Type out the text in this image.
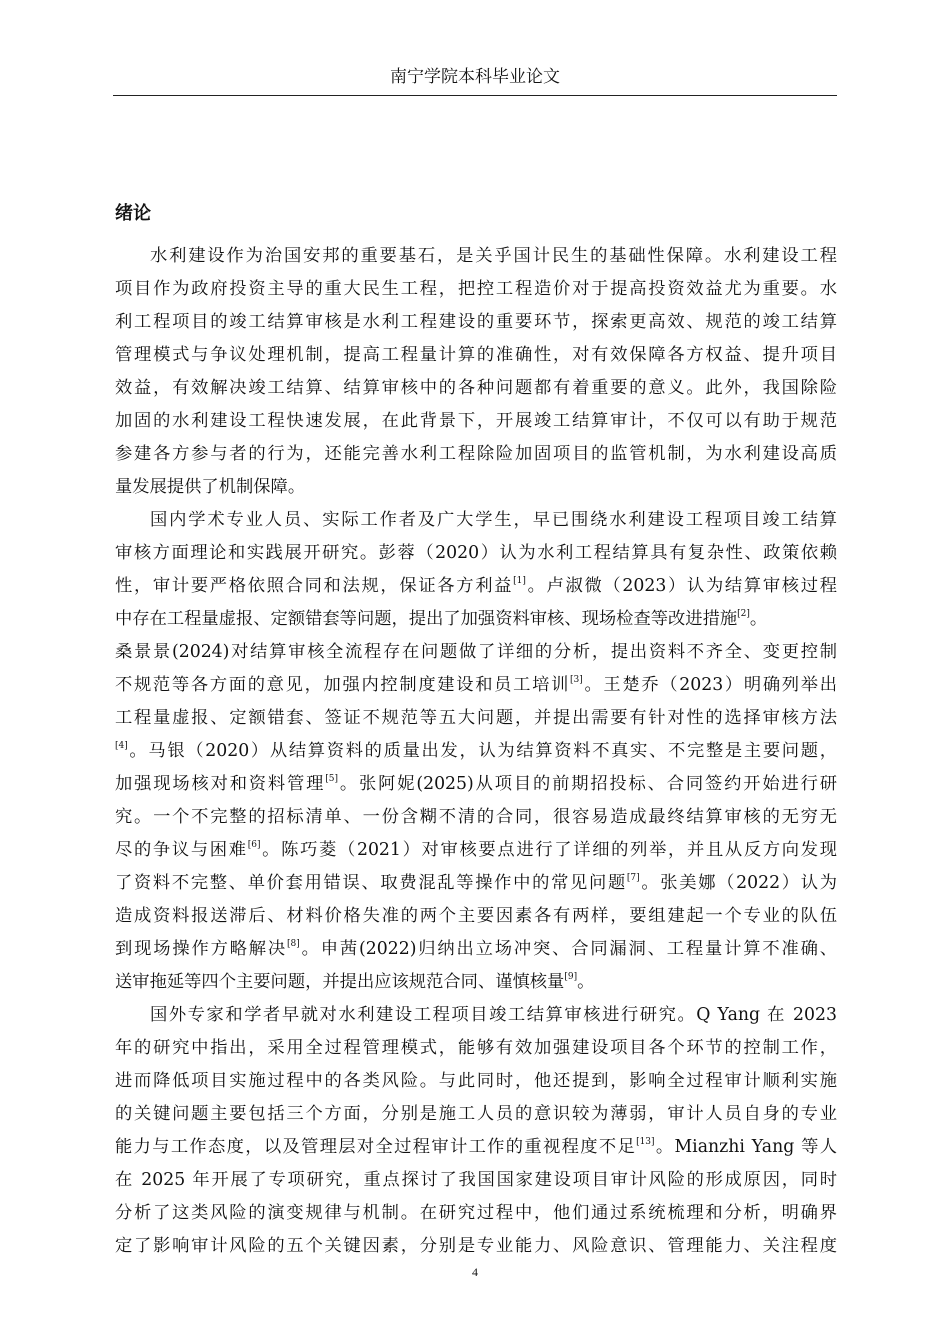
南宁学院本科毕业论文
绪论
水利建设作为治国安邦的重要基石，是关乎国计民生的基础性保障。水利建设工程
项目作为政府投资主导的重大民生工程，把控工程造价对于提高投资效益尤为重要。水
利工程项目的竣工结算审核是水利工程建设的重要环节，探索更高效、规范的竣工结算
管理模式与争议处理机制，提高工程量计算的准确性，对有效保障各方权益、提升项目
效益，有效解决竣工结算、结算审核中的各种问题都有着重要的意义。此外，我国除险
加固的水利建设工程快速发展，在此背景下，开展竣工结算审计，不仅可以有助于规范
参建各方参与者的行为，还能完善水利工程除险加固项目的监管机制，为水利建设高质
量发展提供了机制保障。
国内学术专业人员、实际工作者及广大学生，早已围绕水利建设工程项目竣工结算
审核方面理论和实践展开研究。彭蓉（2020）认为水利工程结算具有复杂性、政策依赖
性，审计要严格依照合同和法规，保证各方利益[1]。卢淑微（2023）认为结算审核过程
中存在工程量虚报、定额错套等问题，提出了加强资料审核、现场检查等改进措施[2]。
桑景景(2024)对结算审核全流程存在问题做了详细的分析，提出资料不齐全、变更控制
不规范等各方面的意见，加强内控制度建设和员工培训[3]。王楚乔（2023）明确列举出
工程量虚报、定额错套、签证不规范等五大问题，并提出需要有针对性的选择审核方法
[4]。马银（2020）从结算资料的质量出发，认为结算资料不真实、不完整是主要问题，
加强现场核对和资料管理[5]。张阿妮(2025)从项目的前期招投标、合同签约开始进行研
究。一个不完整的招标清单、一份含糊不清的合同，很容易造成最终结算审核的无穷无
尽的争议与困难[6]。陈巧菱（2021）对审核要点进行了详细的列举，并且从反方向发现
了资料不完整、单价套用错误、取费混乱等操作中的常见问题[7]。张美娜（2022）认为
造成资料报送滞后、材料价格失准的两个主要因素各有两样，要组建起一个专业的队伍
到现场操作方略解决[8]。申茜(2022)归纳出立场冲突、合同漏洞、工程量计算不准确、
送审拖延等四个主要问题，并提出应该规范合同、谨慎核量[9]。
国外专家和学者早就对水利建设工程项目竣工结算审核进行研究。Q Yang 在 2023
年的研究中指出，采用全过程管理模式，能够有效加强建设项目各个环节的控制工作，
进而降低项目实施过程中的各类风险。与此同时，他还提到，影响全过程审计顺利实施
的关键问题主要包括三个方面，分别是施工人员的意识较为薄弱，审计人员自身的专业
能力与工作态度，以及管理层对全过程审计工作的重视程度不足[13]。Mianzhi Yang 等人
在 2025 年开展了专项研究，重点探讨了我国国家建设项目审计风险的形成原因，同时
分析了这类风险的演变规律与机制。在研究过程中，他们通过系统梳理和分析，明确界
定了影响审计风险的五个关键因素，分别是专业能力、风险意识、管理能力、关注程度
4
